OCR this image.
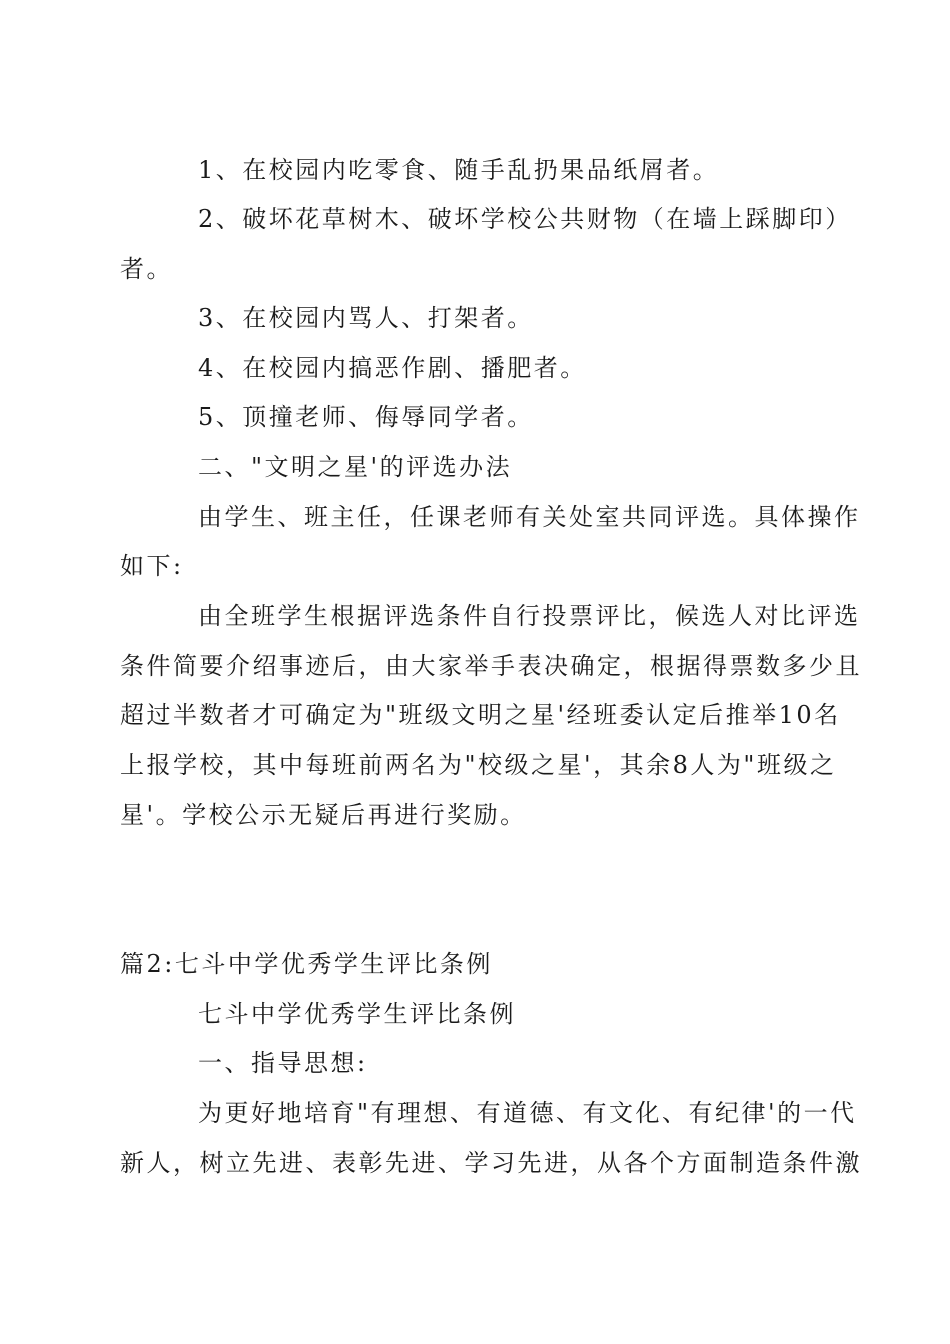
1、在校园内吃零食、随手乱扔果品纸屑者。
2、破坏花草树木、破坏学校公共财物（在墙上踩脚印）
者。
3、在校园内骂人、打架者。
4、在校园内搞恶作剧、播肥者。
5、顶撞老师、侮辱同学者。
二、"文明之星'的评选办法
由学生、班主任，任课老师有关处室共同评选。具体操作
如下:
由全班学生根据评选条件自行投票评比，候选人对比评选
条件简要介绍事迹后，由大家举手表决确定，根据得票数多少且
超过半数者才可确定为"班级文明之星'经班委认定后推举10名
上报学校，其中每班前两名为"校级之星'，其余8人为"班级之
星'。学校公示无疑后再进行奖励。
篇2:七斗中学优秀学生评比条例
七斗中学优秀学生评比条例
一、指导思想:
为更好地培育"有理想、有道德、有文化、有纪律'的一代
新人，树立先进、表彰先进、学习先进，从各个方面制造条件激
